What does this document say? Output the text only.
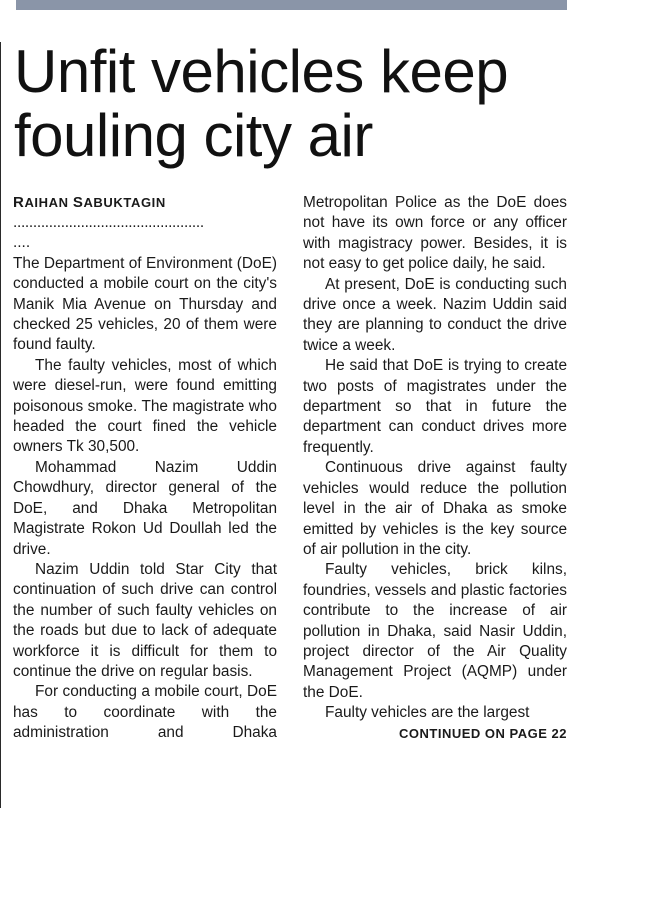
Unfit vehicles keep fouling city air

RAIHAN SABUKTAGIN

................................................

....

The Department of Environment (DoE) conducted a mobile court on the city's Manik Mia Avenue on Thursday and checked 25 vehicles, 20 of them were found faulty.

The faulty vehicles, most of which were diesel-run, were found emitting poisonous smoke. The magistrate who headed the court fined the vehicle owners Tk 30,500.

Mohammad Nazim Uddin Chowdhury, director general of the DoE, and Dhaka Metropolitan Magistrate Rokon Ud Doullah led the drive.

Nazim Uddin told Star City that continuation of such drive can control the number of such faulty vehicles on the roads but due to lack of adequate workforce it is difficult for them to continue the drive on regular basis.

For conducting a mobile court, DoE has to coordinate with the administration and Dhaka

Metropolitan Police as the DoE does not have its own force or any officer with magistracy power. Besides, it is not easy to get police daily, he said.

At present, DoE is conducting such drive once a week. Nazim Uddin said they are planning to conduct the drive twice a week.

He said that DoE is trying to create two posts of magistrates under the department so that in future the department can conduct drives more frequently.

Continuous drive against faulty vehicles would reduce the pollution level in the air of Dhaka as smoke emitted by vehicles is the key source of air pollution in the city.

Faulty vehicles, brick kilns, foundries, vessels and plastic factories contribute to the increase of air pollution in Dhaka, said Nasir Uddin, project director of the Air Quality Management Project (AQMP) under the DoE.

Faulty vehicles are the largest

CONTINUED ON PAGE 22
